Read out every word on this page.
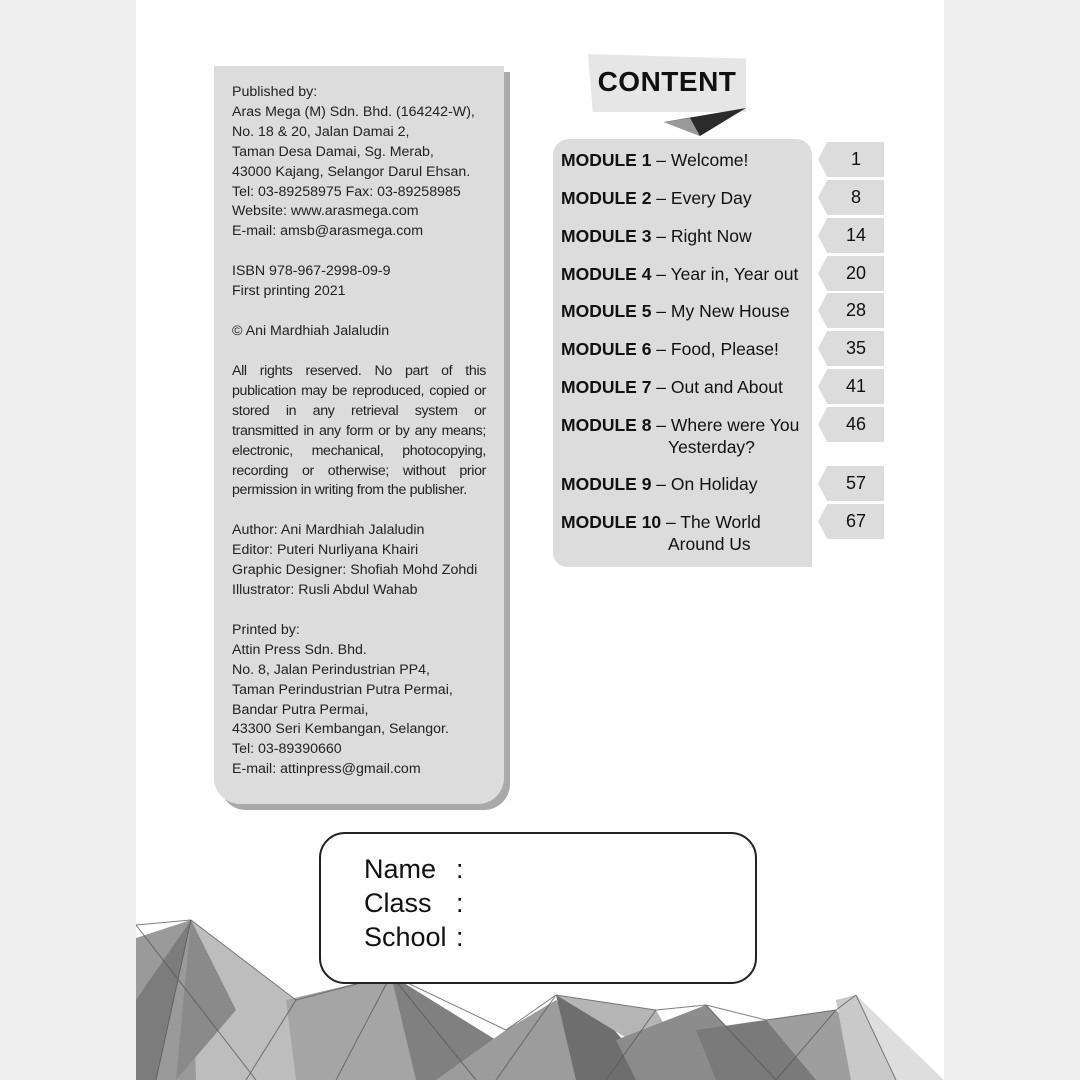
Published by:
Aras Mega (M) Sdn. Bhd. (164242-W),
No. 18 & 20, Jalan Damai 2,
Taman Desa Damai, Sg. Merab,
43000 Kajang, Selangor Darul Ehsan.
Tel: 03-89258975 Fax: 03-89258985
Website: www.arasmega.com
E-mail: amsb@arasmega.com
ISBN 978-967-2998-09-9
First printing 2021
© Ani Mardhiah Jalaludin
All rights reserved. No part of this publication may be reproduced, copied or stored in any retrieval system or transmitted in any form or by any means; electronic, mechanical, photocopying, recording or otherwise; without prior permission in writing from the publisher.
Author: Ani Mardhiah Jalaludin
Editor: Puteri Nurliyana Khairi
Graphic Designer: Shofiah Mohd Zohdi
Illustrator: Rusli Abdul Wahab
Printed by:
Attin Press Sdn. Bhd.
No. 8, Jalan Perindustrian PP4,
Taman Perindustrian Putra Permai,
Bandar Putra Permai,
43300 Seri Kembangan, Selangor.
Tel: 03-89390660
E-mail: attinpress@gmail.com
CONTENT
MODULE 1 – Welcome!
MODULE 2 – Every Day
MODULE 3 – Right Now
MODULE 4 – Year in, Year out
MODULE 5 – My New House
MODULE 6 – Food, Please!
MODULE 7 – Out and About
MODULE 8 – Where were You
Yesterday?
MODULE 9 – On Holiday
MODULE 10 – The World
Around Us
1
8
14
20
28
35
41
46
57
67
Name :
Class :
School :
